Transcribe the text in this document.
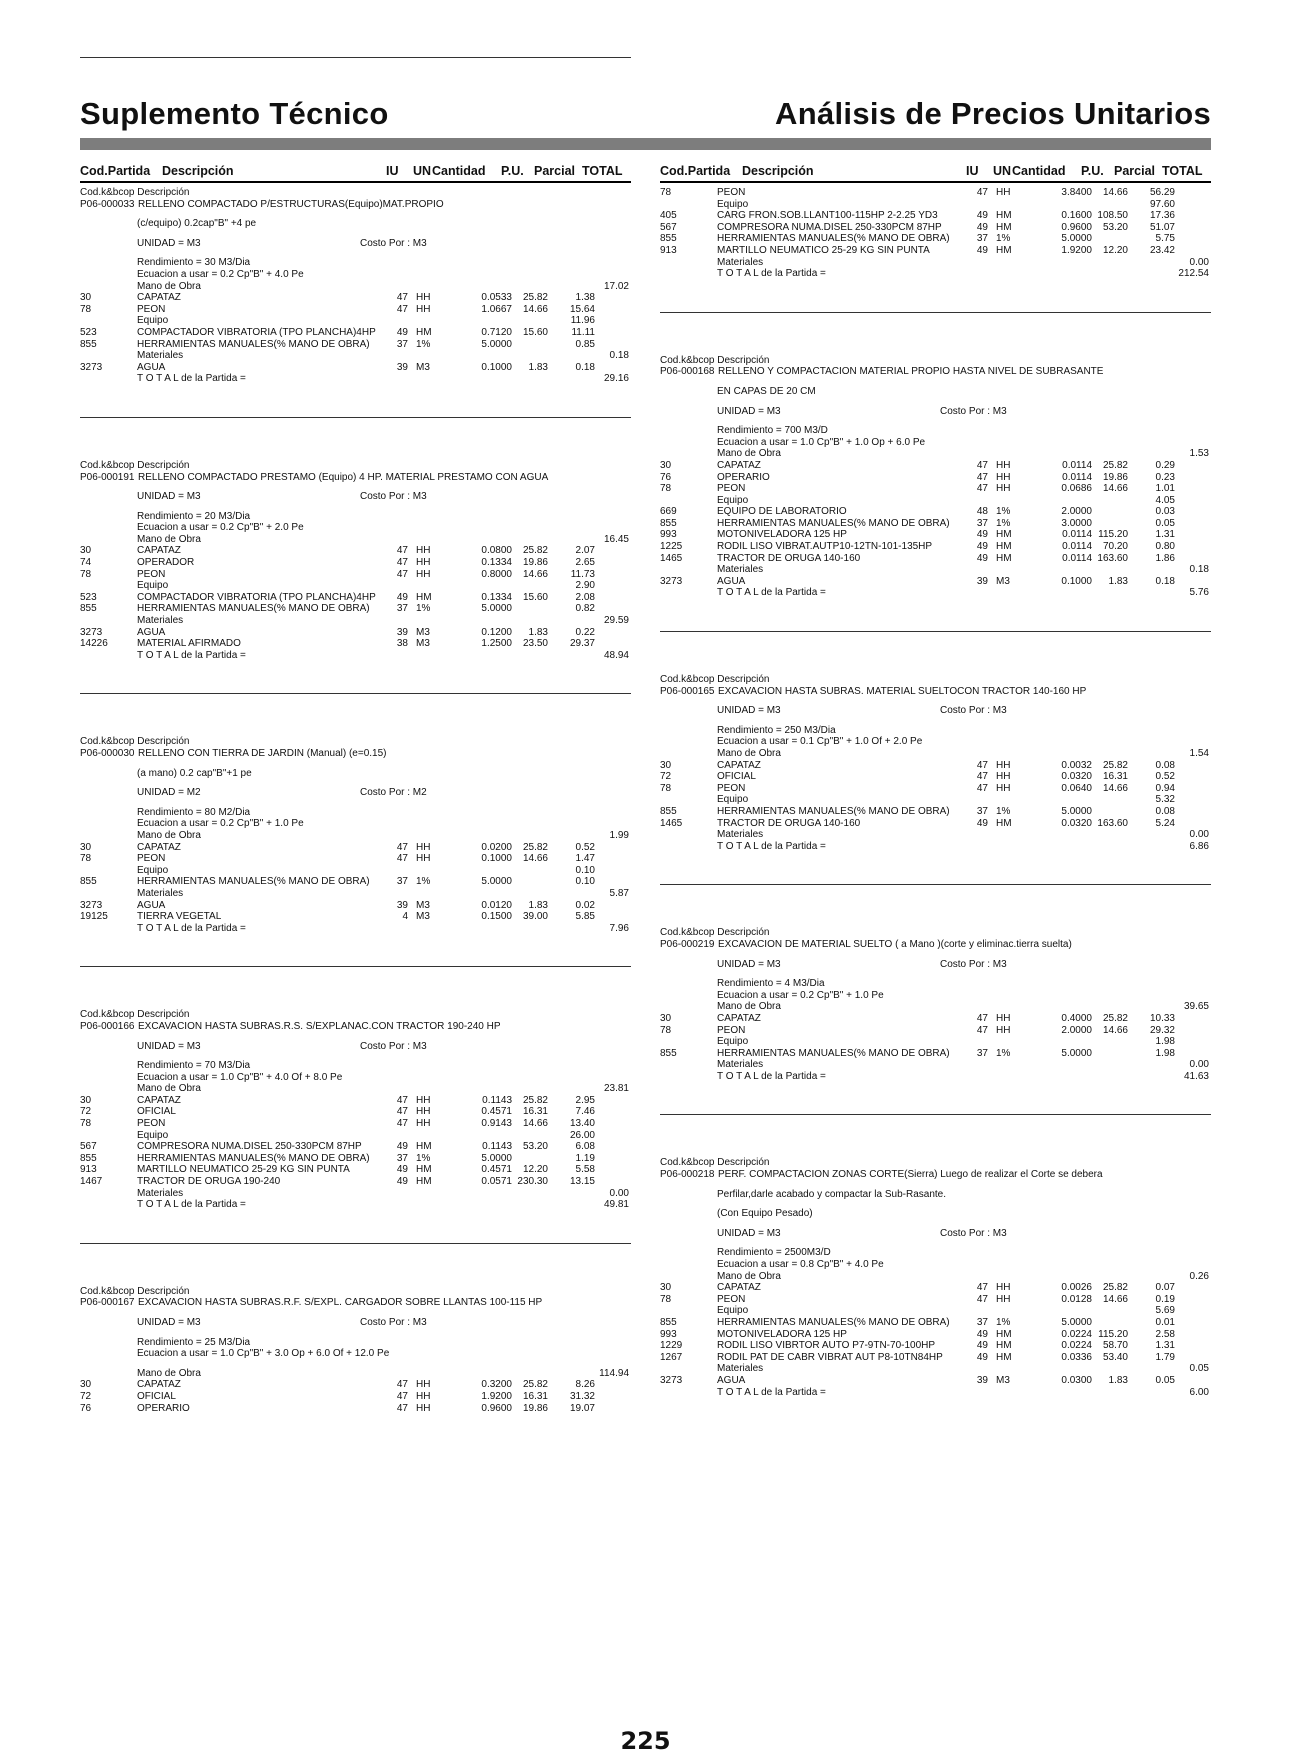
Suplemento Técnico	Análisis de Precios Unitarios
Cod.Partida Descripción	IU UN Cantidad P.U. Parcial TOTAL
Cod.k&bcop Descripción
P06-000033 RELLENO COMPACTADO P/ESTRUCTURAS(Equipo)MAT.PROPIO
(c/equipo) 0.2cap"B" +4 pe
UNIDAD = M3	Costo Por : M3
Rendimiento = 30 M3/Dia
Ecuacion a usar = 0.2 Cp"B" + 4.0 Pe
Mano de Obra	17.02
30	CAPATAZ	47 HH	0.0533	25.82	1.38
78	PEON	47 HH	1.0667	14.66	15.64
Equipo	11.96
523	COMPACTADOR VIBRATORIA (TPO PLANCHA)4HP	49 HM	0.7120	15.60	11.11
855	HERRAMIENTAS MANUALES(% MANO DE OBRA)	37 1%	5.0000	0.85
Materiales	0.18
3273	AGUA	39 M3	0.1000	1.83	0.18
T O T A L de la Partida =	29.16
Cod.k&bcop Descripción
P06-000191 RELLENO COMPACTADO PRESTAMO (Equipo) 4 HP. MATERIAL PRESTAMO CON AGUA
UNIDAD = M3	Costo Por : M3
Rendimiento = 20 M3/Dia
Ecuacion a usar = 0.2 Cp"B" + 2.0 Pe
Mano de Obra	16.45
30	CAPATAZ	47 HH	0.0800	25.82	2.07
74	OPERADOR	47 HH	0.1334	19.86	2.65
78	PEON	47 HH	0.8000	14.66	11.73
Equipo	2.90
523	COMPACTADOR VIBRATORIA (TPO PLANCHA)4HP	49 HM	0.1334	15.60	2.08
855	HERRAMIENTAS MANUALES(% MANO DE OBRA)	37 1%	5.0000	0.82
Materiales	29.59
3273	AGUA	39 M3	0.1200	1.83	0.22
14226	MATERIAL AFIRMADO	38 M3	1.2500	23.50	29.37
T O T A L de la Partida =	48.94
Cod.k&bcop Descripción
P06-000030 RELLENO CON TIERRA DE JARDIN (Manual) (e=0.15)
(a mano) 0.2 cap"B"+1 pe
UNIDAD = M2	Costo Por : M2
Rendimiento = 80 M2/Dia
Ecuacion a usar = 0.2 Cp"B" + 1.0 Pe
Mano de Obra	1.99
30	CAPATAZ	47 HH	0.0200	25.82	0.52
78	PEON	47 HH	0.1000	14.66	1.47
Equipo	0.10
855	HERRAMIENTAS MANUALES(% MANO DE OBRA)	37 1%	5.0000	0.10
Materiales	5.87
3273	AGUA	39 M3	0.0120	1.83	0.02
19125	TIERRA VEGETAL	4 M3	0.1500	39.00	5.85
T O T A L de la Partida =	7.96
Cod.k&bcop Descripción
P06-000166 EXCAVACION HASTA SUBRAS.R.S. S/EXPLANAC.CON TRACTOR 190-240 HP
UNIDAD = M3	Costo Por : M3
Rendimiento = 70 M3/Dia
Ecuacion a usar = 1.0 Cp"B" + 4.0 Of + 8.0 Pe
Mano de Obra	23.81
30	CAPATAZ	47 HH	0.1143	25.82	2.95
72	OFICIAL	47 HH	0.4571	16.31	7.46
78	PEON	47 HH	0.9143	14.66	13.40
Equipo	26.00
567	COMPRESORA NUMA.DISEL 250-330PCM 87HP	49 HM	0.1143	53.20	6.08
855	HERRAMIENTAS MANUALES(% MANO DE OBRA)	37 1%	5.0000	1.19
913	MARTILLO NEUMATICO 25-29 KG SIN PUNTA	49 HM	0.4571	12.20	5.58
1467	TRACTOR DE ORUGA 190-240	49 HM	0.0571 230.30	13.15
Materiales	0.00
T O T A L de la Partida =	49.81
Cod.k&bcop Descripción
P06-000167 EXCAVACION HASTA SUBRAS.R.F. S/EXPL. CARGADOR SOBRE LLANTAS 100-115 HP
UNIDAD = M3	Costo Por : M3
Rendimiento = 25 M3/Dia
Ecuacion a usar = 1.0 Cp"B" + 3.0 Op + 6.0 Of + 12.0 Pe
Mano de Obra	114.94
30	CAPATAZ	47 HH	0.3200	25.82	8.26
72	OFICIAL	47 HH	1.9200	16.31	31.32
76	OPERARIO	47 HH	0.9600	19.86	19.07
Cod.Partida Descripción	IU UN Cantidad P.U. Parcial TOTAL
78	PEON	47 HH	3.8400	14.66	56.29
Equipo	97.60
405	CARG FRON.SOB.LLANT100-115HP 2-2.25 YD3	49 HM	0.1600 108.50	17.36
567	COMPRESORA NUMA.DISEL 250-330PCM 87HP	49 HM	0.9600	53.20	51.07
855	HERRAMIENTAS MANUALES(% MANO DE OBRA)	37 1%	5.0000	5.75
913	MARTILLO NEUMATICO 25-29 KG SIN PUNTA	49 HM	1.9200	12.20	23.42
Materiales	0.00
T O T A L de la Partida =	212.54
Cod.k&bcop Descripción
P06-000168 RELLENO Y COMPACTACION MATERIAL PROPIO HASTA NIVEL DE SUBRASANTE
EN CAPAS DE 20 CM
UNIDAD = M3	Costo Por : M3
Rendimiento = 700 M3/D
Ecuacion a usar = 1.0 Cp"B" + 1.0 Op + 6.0 Pe
Mano de Obra	1.53
30	CAPATAZ	47 HH	0.0114	25.82	0.29
76	OPERARIO	47 HH	0.0114	19.86	0.23
78	PEON	47 HH	0.0686	14.66	1.01
Equipo	4.05
669	EQUIPO DE LABORATORIO	48 1%	2.0000	0.03
855	HERRAMIENTAS MANUALES(% MANO DE OBRA)	37 1%	3.0000	0.05
993	MOTONIVELADORA 125 HP	49 HM	0.0114 115.20	1.31
1225	RODIL LISO VIBRAT.AUTP10-12TN-101-135HP	49 HM	0.0114	70.20	0.80
1465	TRACTOR DE ORUGA 140-160	49 HM	0.0114 163.60	1.86
Materiales	0.18
3273	AGUA	39 M3	0.1000	1.83	0.18
T O T A L de la Partida =	5.76
Cod.k&bcop Descripción
P06-000165 EXCAVACION HASTA SUBRAS. MATERIAL SUELTOCON TRACTOR 140-160 HP
UNIDAD = M3	Costo Por : M3
Rendimiento = 250 M3/Dia
Ecuacion a usar = 0.1 Cp"B" + 1.0 Of + 2.0 Pe
Mano de Obra	1.54
30	CAPATAZ	47 HH	0.0032	25.82	0.08
72	OFICIAL	47 HH	0.0320	16.31	0.52
78	PEON	47 HH	0.0640	14.66	0.94
Equipo	5.32
855	HERRAMIENTAS MANUALES(% MANO DE OBRA)	37 1%	5.0000	0.08
1465	TRACTOR DE ORUGA 140-160	49 HM	0.0320 163.60	5.24
Materiales	0.00
T O T A L de la Partida =	6.86
Cod.k&bcop Descripción
P06-000219 EXCAVACION DE MATERIAL SUELTO ( a Mano )(corte y eliminac.tierra suelta)
UNIDAD = M3	Costo Por : M3
Rendimiento = 4 M3/Dia
Ecuacion a usar = 0.2 Cp"B" + 1.0 Pe
Mano de Obra	39.65
30	CAPATAZ	47 HH	0.4000	25.82	10.33
78	PEON	47 HH	2.0000	14.66	29.32
Equipo	1.98
855	HERRAMIENTAS MANUALES(% MANO DE OBRA)	37 1%	5.0000	1.98
Materiales	0.00
T O T A L de la Partida =	41.63
Cod.k&bcop Descripción
P06-000218 PERF. COMPACTACION ZONAS CORTE(Sierra) Luego de realizar el Corte se debera
Perfilar,darle acabado y compactar la Sub-Rasante.
(Con Equipo Pesado)
UNIDAD = M3	Costo Por : M3
Rendimiento = 2500M3/D
Ecuacion a usar = 0.8 Cp"B" + 4.0 Pe
Mano de Obra	0.26
30	CAPATAZ	47 HH	0.0026	25.82	0.07
78	PEON	47 HH	0.0128	14.66	0.19
Equipo	5.69
855	HERRAMIENTAS MANUALES(% MANO DE OBRA)	37 1%	5.0000	0.01
993	MOTONIVELADORA 125 HP	49 HM	0.0224 115.20	2.58
1229	RODIL LISO VIBRTOR AUTO P7-9TN-70-100HP	49 HM	0.0224	58.70	1.31
1267	RODIL PAT DE CABR VIBRAT AUT P8-10TN84HP	49 HM	0.0336	53.40	1.79
Materiales	0.05
3273	AGUA	39 M3	0.0300	1.83	0.05
T O T A L de la Partida =	6.00
225
